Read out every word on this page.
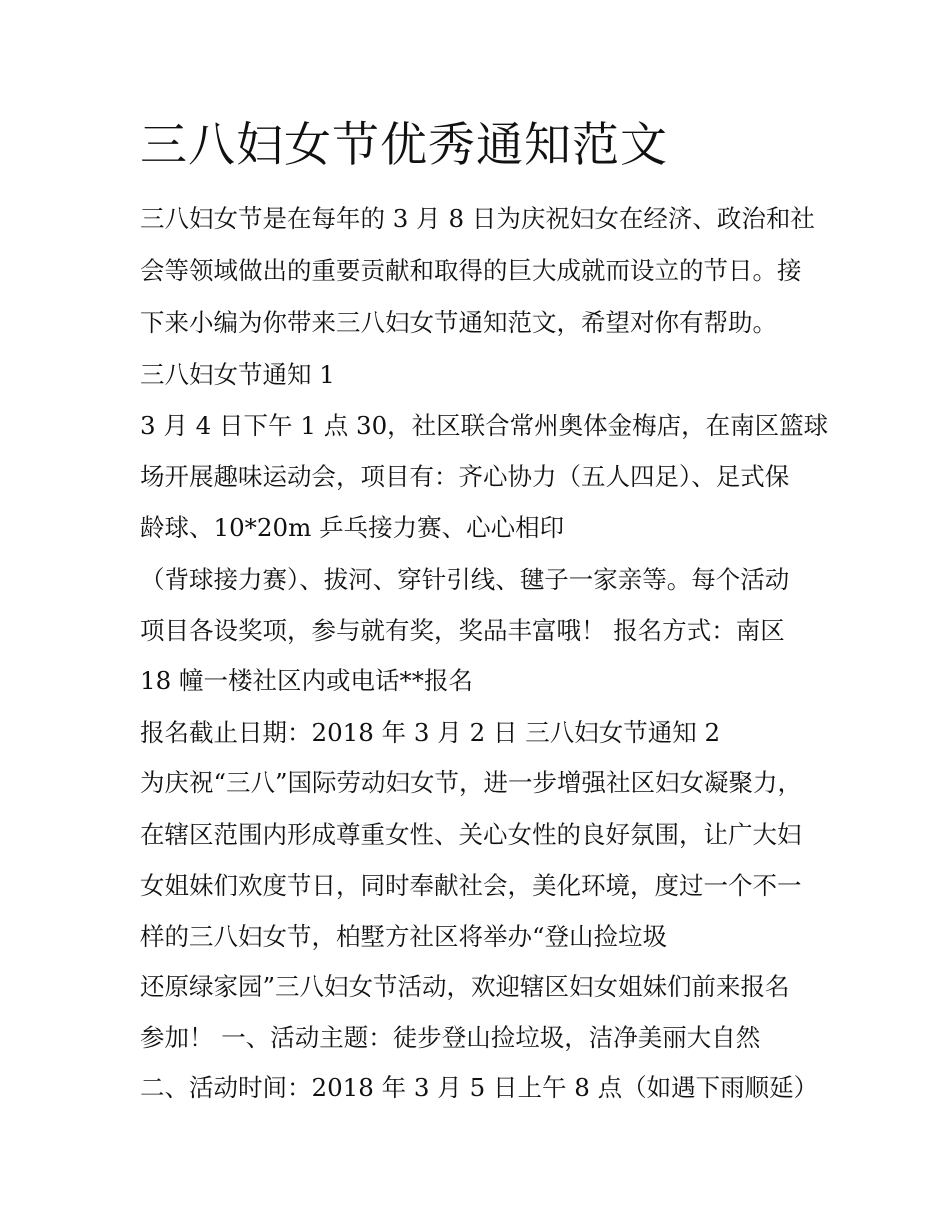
三八妇女节优秀通知范文

三八妇女节是在每年的 3 月 8 日为庆祝妇女在经济、政治和社

会等领域做出的重要贡献和取得的巨大成就而设立的节日。接

下来小编为你带来三八妇女节通知范文，希望对你有帮助。

三八妇女节通知 1

3 月 4 日下午 1 点 30，社区联合常州奥体金梅店，在南区篮球

场开展趣味运动会，项目有：齐心协力（五人四足）、足式保

龄球、10*20m 乒乓接力赛、心心相印

（背球接力赛）、拔河、穿针引线、毽子一家亲等。每个活动

项目各设奖项，参与就有奖，奖品丰富哦！ 报名方式：南区

18 幢一楼社区内或电话**报名

报名截止日期：2018 年 3 月 2 日 三八妇女节通知 2

为庆祝“三八”国际劳动妇女节，进一步增强社区妇女凝聚力，

在辖区范围内形成尊重女性、关心女性的良好氛围，让广大妇

女姐妹们欢度节日，同时奉献社会，美化环境，度过一个不一

样的三八妇女节，柏墅方社区将举办“登山捡垃圾

还原绿家园”三八妇女节活动，欢迎辖区妇女姐妹们前来报名

参加！ 一、活动主题：徒步登山捡垃圾，洁净美丽大自然

二、活动时间：2018 年 3 月 5 日上午 8 点（如遇下雨顺延）
